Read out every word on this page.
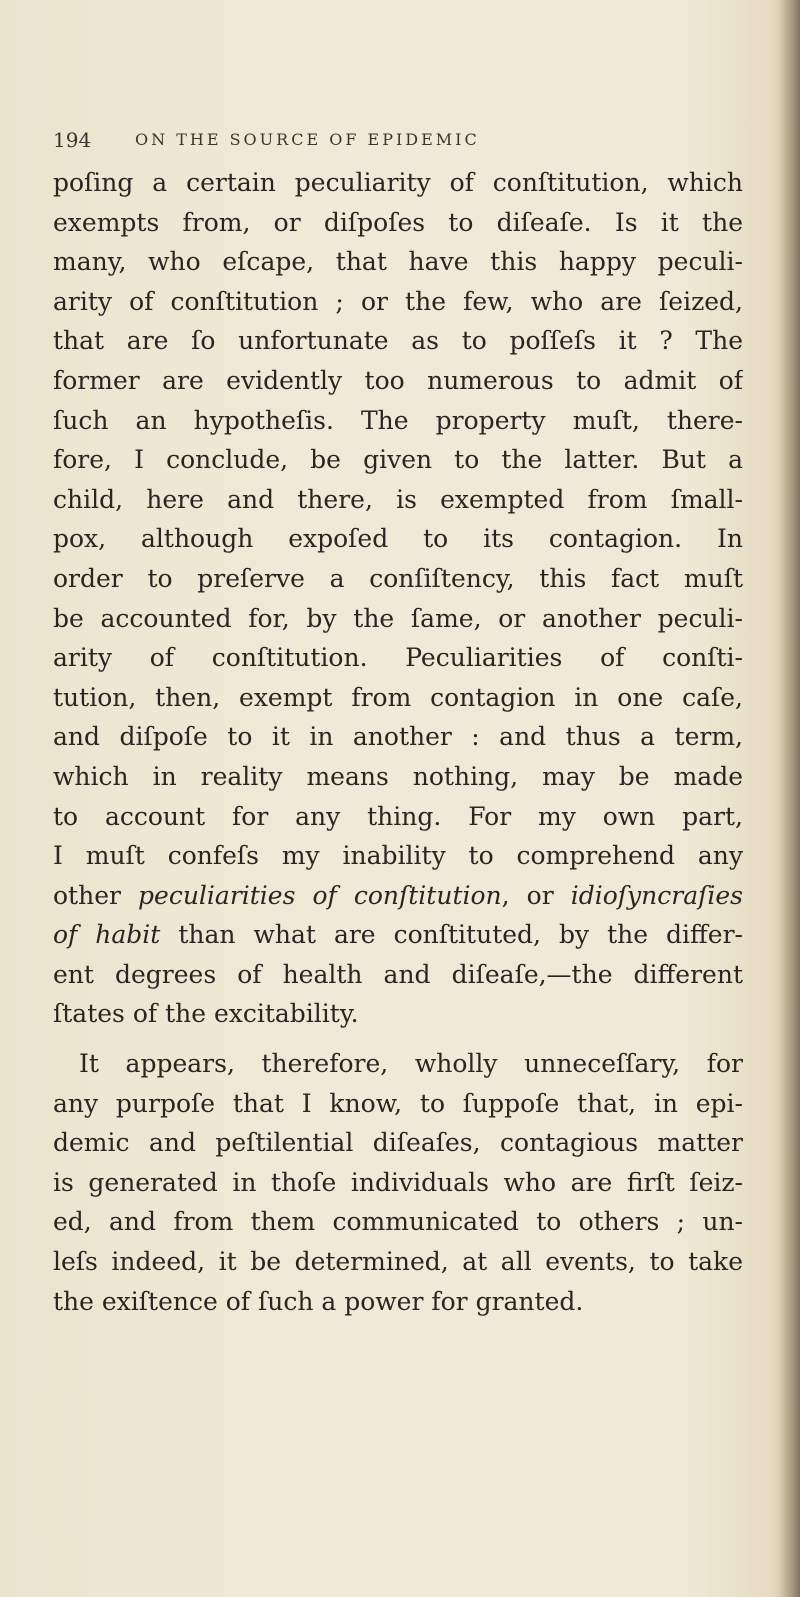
194	ON THE SOURCE OF EPIDEMIC
poſing a certain peculiarity of conſtitution, which
exempts from, or diſpoſes to diſeaſe. Is it the
many, who eſcape, that have this happy peculi-
arity of conſtitution ; or the few, who are ſeized,
that are ſo unfortunate as to poſſeſs it ? The
former are evidently too numerous to admit of
ſuch an hypotheſis. The property muſt, there-
fore, I conclude, be given to the latter. But a
child, here and there, is exempted from ſmall-
pox, although expoſed to its contagion. In
order to preſerve a conſiſtency, this fact muſt
be accounted for, by the ſame, or another peculi-
arity of conſtitution. Peculiarities of conſti-
tution, then, exempt from contagion in one caſe,
and diſpoſe to it in another : and thus a term,
which in reality means nothing, may be made
to account for any thing. For my own part,
I muſt confeſs my inability to comprehend any
other peculiarities of conſtitution, or idioſyncraſies
of habit than what are conſtituted, by the differ-
ent degrees of health and diſeaſe,—the different
ſtates of the excitability.
It appears, therefore, wholly unneceſſary, for
any purpoſe that I know, to ſuppoſe that, in epi-
demic and peſtilential diſeaſes, contagious matter
is generated in thoſe individuals who are firſt ſeiz-
ed, and from them communicated to others ; un-
leſs indeed, it be determined, at all events, to take
the exiſtence of ſuch a power for granted.
